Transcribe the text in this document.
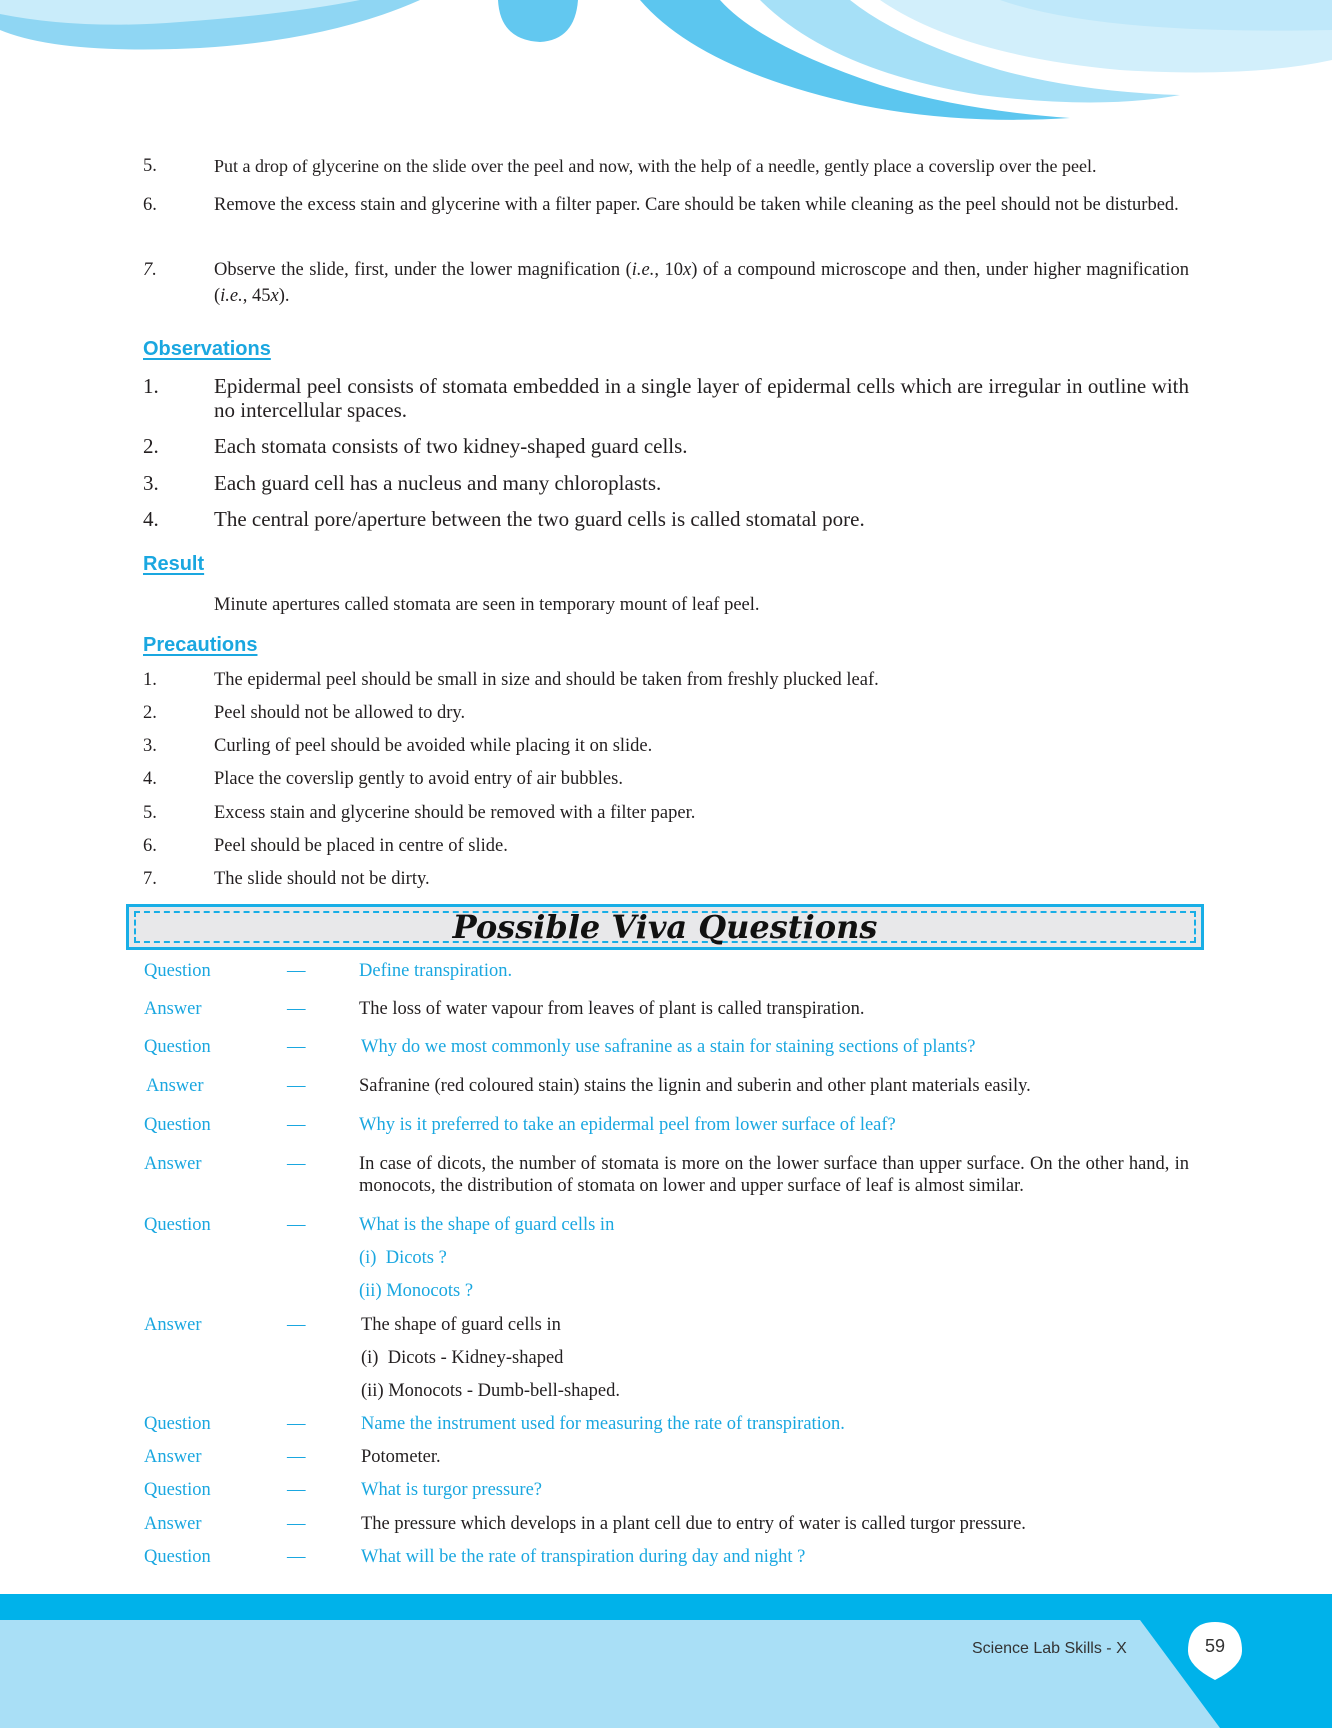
5.	Put a drop of glycerine on the slide over the peel and now, with the help of a needle, gently place a coverslip over the peel.
6.	Remove the excess stain and glycerine with a filter paper. Care should be taken while cleaning as the peel should not be disturbed.
7.	Observe the slide, first, under the lower magnification (i.e., 10x) of a compound microscope and then, under higher magnification (i.e., 45x).
Observations
1.	Epidermal peel consists of stomata embedded in a single layer of epidermal cells which are irregular in outline with no intercellular spaces.
2.	Each stomata consists of two kidney-shaped guard cells.
3.	Each guard cell has a nucleus and many chloroplasts.
4.	The central pore/aperture between the two guard cells is called stomatal pore.
Result
Minute apertures called stomata are seen in temporary mount of leaf peel.
Precautions
1.	The epidermal peel should be small in size and should be taken from freshly plucked leaf.
2.	Peel should not be allowed to dry.
3.	Curling of peel should be avoided while placing it on slide.
4.	Place the coverslip gently to avoid entry of air bubbles.
5.	Excess stain and glycerine should be removed with a filter paper.
6.	Peel should be placed in centre of slide.
7.	The slide should not be dirty.
Possible Viva Questions
Question	—	Define transpiration.
Answer	—	The loss of water vapour from leaves of plant is called transpiration.
Question	—	Why do we most commonly use safranine as a stain for staining sections of plants?
Answer	—	Safranine (red coloured stain) stains the lignin and suberin and other plant materials easily.
Question	—	Why is it preferred to take an epidermal peel from lower surface of leaf?
Answer	—	In case of dicots, the number of stomata is more on the lower surface than upper surface. On the other hand, in monocots, the distribution of stomata on lower and upper surface of leaf is almost similar.
Question	—	What is the shape of guard cells in
(i)  Dicots ?
(ii) Monocots ?
Answer	—	The shape of guard cells in
(i)  Dicots - Kidney-shaped
(ii) Monocots - Dumb-bell-shaped.
Question	—	Name the instrument used for measuring the rate of transpiration.
Answer	—	Potometer.
Question	—	What is turgor pressure?
Answer	—	The pressure which develops in a plant cell due to entry of water is called turgor pressure.
Question	—	What will be the rate of transpiration during day and night ?
Science Lab Skills - X	59
